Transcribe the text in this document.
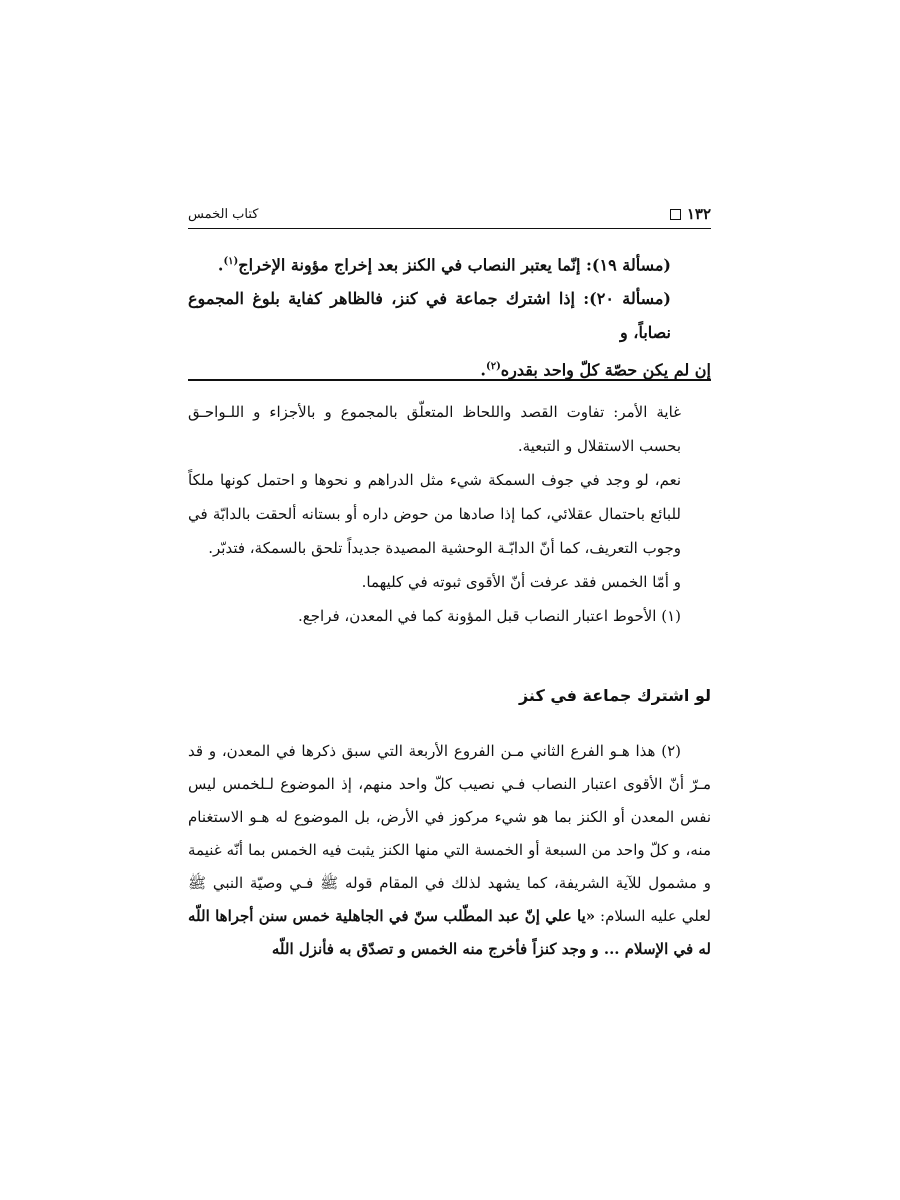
١٣٢
كتاب الخمس

(مسألة ١٩): إنّما يعتبر النصاب في الكنز بعد إخراج مؤونة الإخراج$^{(١)}$.

(مسألة ٢٠): إذا اشترك جماعة في كنز، فالظاهر كفاية بلوغ المجموع نصاباً، و

إن لم يكن حصّة كلّ واحد بقدره$^{(٢)}$.

غاية الأمر: تفاوت القصد واللحاظ المتعلّق بالمجموع و بالأجزاء و اللـواحـق بحسب الاستقلال و التبعية.

نعم، لو وجد في جوف السمكة شيء مثل الدراهم و نحوها و احتمل كونها ملكاً للبائع باحتمال عقلائي، كما إذا صادها من حوض داره أو بستانه ألحقت بالدابّة في وجوب التعريف، كما أنّ الدابّـة الوحشية المصيدة جديداً تلحق بالسمكة، فتدبّر.

و أمّا الخمس فقد عرفت أنّ الأقوى ثبوته في كليهما.

(١) الأحوط اعتبار النصاب قبل المؤونة كما في المعدن، فراجع.

لو اشترك جماعة في كنز

(٢) هذا هـو الفرع الثاني مـن الفروع الأربعة التي سبق ذكرها في المعدن، و قد مـرّ أنّ الأقوى اعتبار النصاب فـي نصيب كلّ واحد منهم، إذ الموضوع لـلخمس ليس نفس المعدن أو الكنز بما هو شيء مركوز في الأرض، بل الموضوع له هـو الاستغنام منه، و كلّ واحد من السبعة أو الخمسة التي منها الكنز يثبت فيه الخمس بما أنّه غنيمة و مشمول للآية الشريفة، كما يشهد لذلك في المقام قوله ﷺ فـي وصيّة النبي ﷺ لعلي عليه السلام: «يا علي إنّ عبد المطّلب سنّ في الجاهلية خمس سنن أجراها اللّه له في الإسلام ... و وجد كنزاً فأخرج منه الخمس و تصدّق به فأنزل اللّه
